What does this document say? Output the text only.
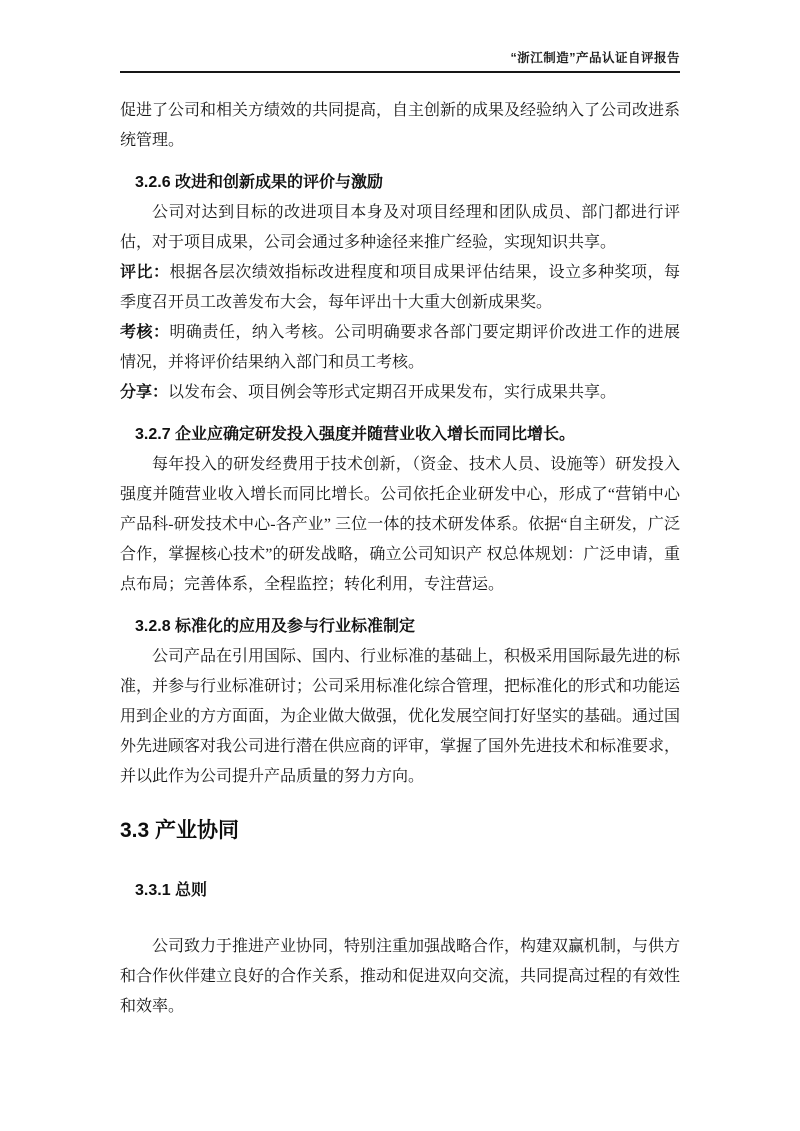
“浙江制造”产品认证自评报告

促进了公司和相关方绩效的共同提高，自主创新的成果及经验纳入了公司改进系统管理。

3.2.6 改进和创新成果的评价与激励

公司对达到目标的改进项目本身及对项目经理和团队成员、部门都进行评估，对于项目成果，公司会通过多种途径来推广经验，实现知识共享。

评比：根据各层次绩效指标改进程度和项目成果评估结果，设立多种奖项，每季度召开员工改善发布大会，每年评出十大重大创新成果奖。

考核：明确责任，纳入考核。公司明确要求各部门要定期评价改进工作的进展情况，并将评价结果纳入部门和员工考核。

分享：以发布会、项目例会等形式定期召开成果发布，实行成果共享。

3.2.7 企业应确定研发投入强度并随营业收入增长而同比增长。

每年投入的研发经费用于技术创新，（资金、技术人员、设施等）研发投入强度并随营业收入增长而同比增长。公司依托企业研发中心，形成了“营销中心产品科-研发技术中心-各产业” 三位一体的技术研发体系。依据“自主研发，广泛合作，掌握核心技术”的研发战略，确立公司知识产 权总体规划：广泛申请，重点布局；完善体系，全程监控；转化利用，专注营运。

3.2.8 标准化的应用及参与行业标准制定

公司产品在引用国际、国内、行业标准的基础上，积极采用国际最先进的标准，并参与行业标准研讨；公司采用标准化综合管理，把标准化的形式和功能运用到企业的方方面面，为企业做大做强，优化发展空间打好坚实的基础。通过国外先进顾客对我公司进行潜在供应商的评审，掌握了国外先进技术和标准要求，并以此作为公司提升产品质量的努力方向。

3.3 产业协同
3.3.1 总则

公司致力于推进产业协同，特别注重加强战略合作，构建双赢机制，与供方和合作伙伴建立良好的合作关系，推动和促进双向交流，共同提高过程的有效性和效率。
